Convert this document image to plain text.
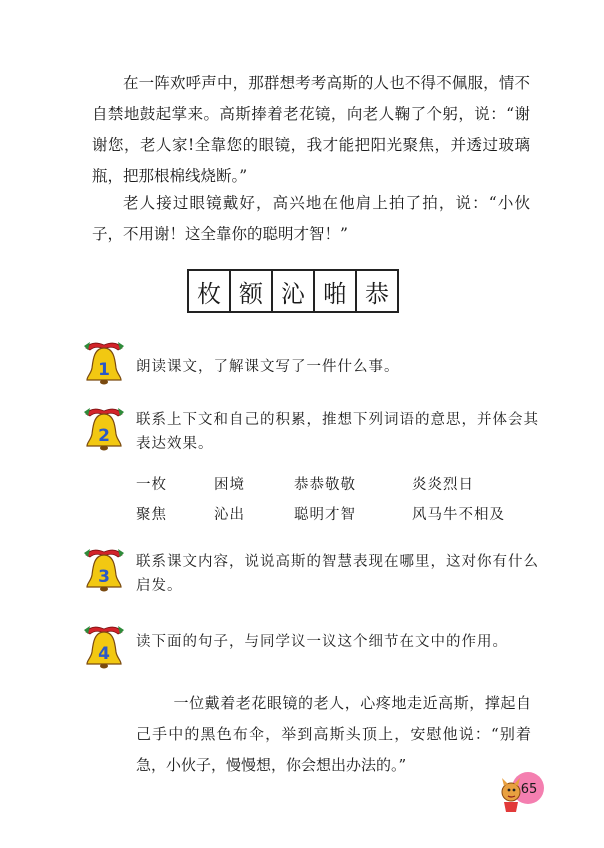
在一阵欢呼声中，那群想考考高斯的人也不得不佩服，情不自禁地鼓起掌来。高斯捧着老花镜，向老人鞠了个躬，说：“谢谢您，老人家!全靠您的眼镜，我才能把阳光聚焦，并透过玻璃瓶，把那根棉线烧断。”

老人接过眼镜戴好，高兴地在他肩上拍了拍，说：“小伙子，不用谢！这全靠你的聪明才智！”

枚 额 沁 啪 恭
1 朗读课文，了解课文写了一件什么事。

2

联系上下文和自己的积累，推想下列词语的意思，并体会其表达效果。

一枚	困境	恭恭敬敬	炎炎烈日
聚焦	沁出	聪明才智	风马牛不相及
3

联系课文内容，说说高斯的智慧表现在哪里，这对你有什么启发。

4

读下面的句子，与同学议一议这个细节在文中的作用。

一位戴着老花眼镜的老人，心疼地走近高斯，撑起自己手中的黑色布伞，举到高斯头顶上，安慰他说：“别着急，小伙子，慢慢想，你会想出办法的。”

65
